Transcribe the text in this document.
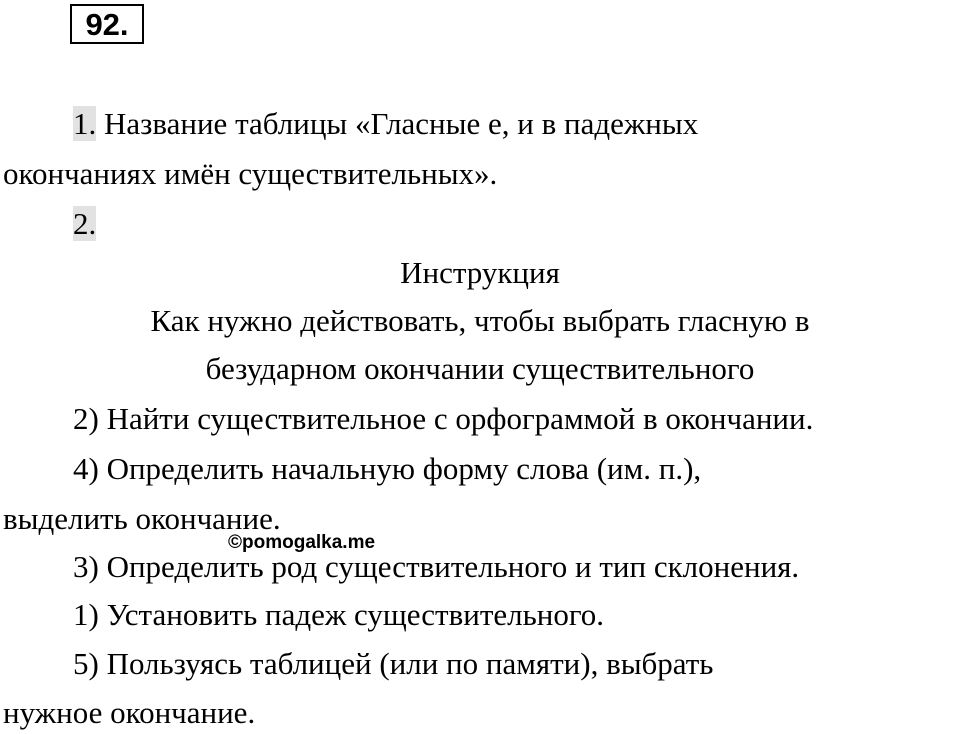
92.
1. Название таблицы «Гласные е, и в падежных
окончаниях имён существительных».
2.
Инструкция
Как нужно действовать, чтобы выбрать гласную в
безударном окончании существительного
2) Найти существительное с орфограммой в окончании.
4) Определить начальную форму слова (им. п.),
выделить окончание.
3) Определить род существительного и тип склонения.
1) Установить падеж существительного.
5) Пользуясь таблицей (или по памяти), выбрать
нужное окончание.
©pomogalka.me
